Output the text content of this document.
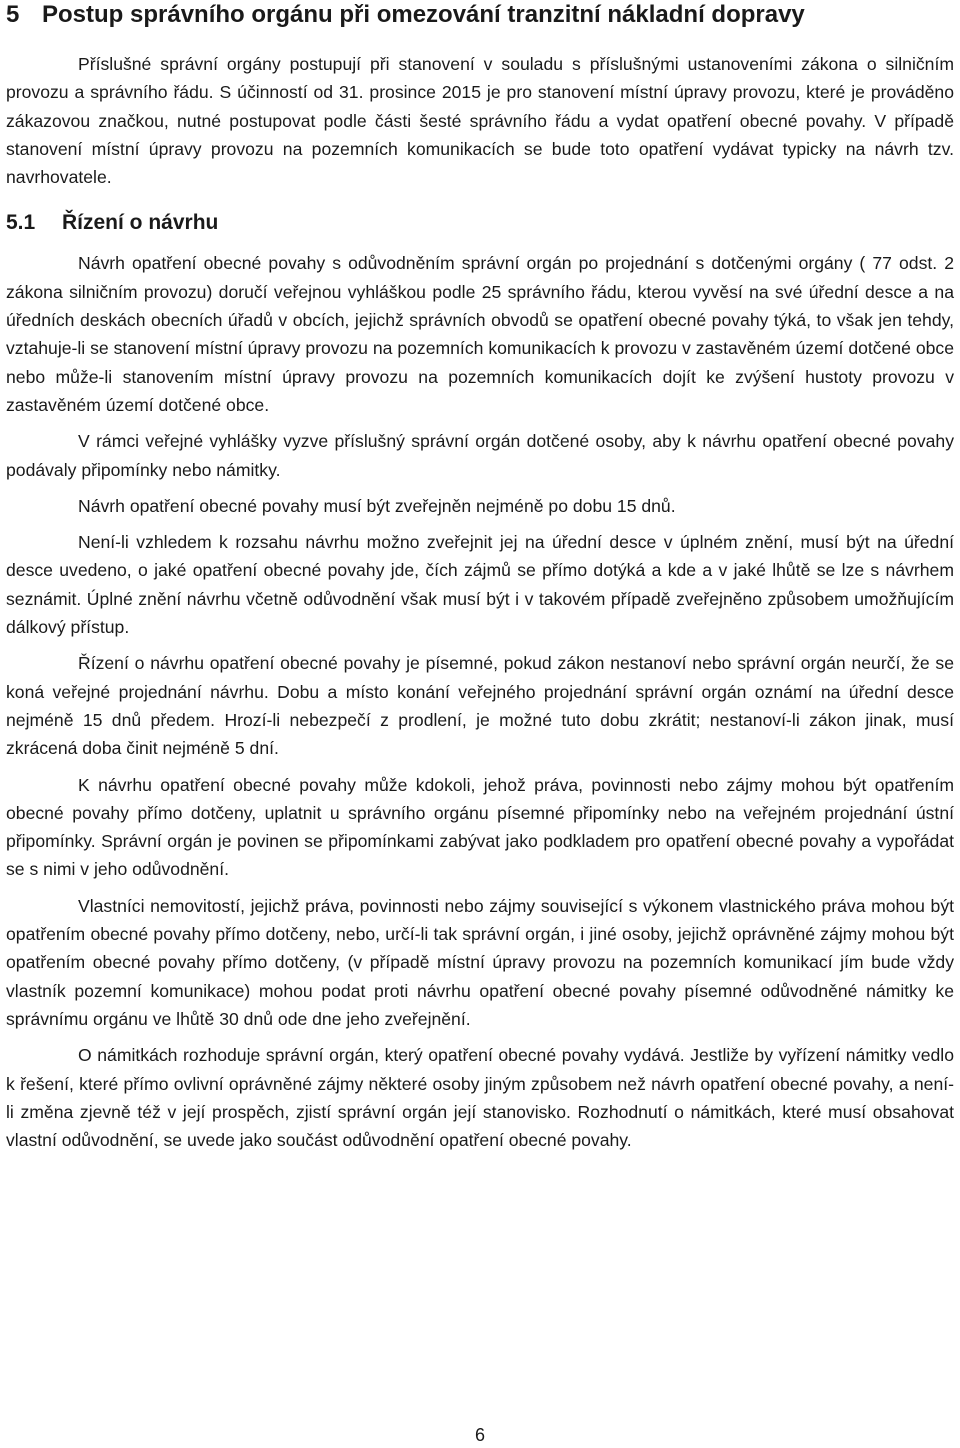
5 Postup správního orgánu při omezování tranzitní nákladní dopravy

Příslušné správní orgány postupují při stanovení v souladu s příslušnými ustanoveními zákona o silničním provozu a správního řádu. S účinností od 31. prosince 2015 je pro stanovení místní úpravy provozu, které je prováděno zákazovou značkou, nutné postupovat podle části šesté správního řádu a vydat opatření obecné povahy. V případě stanovení místní úpravy provozu na pozemních komunikacích se bude toto opatření vydávat typicky na návrh tzv. navrhovatele.

5.1 Řízení o návrhu

Návrh opatření obecné povahy s odůvodněním správní orgán po projednání s dotčenými orgány ( 77 odst. 2 zákona silničním provozu) doručí veřejnou vyhláškou podle 25 správního řádu, kterou vyvěsí na své úřední desce a na úředních deskách obecních úřadů v obcích, jejichž správních obvodů se opatření obecné povahy týká, to však jen tehdy, vztahuje-li se stanovení místní úpravy provozu na pozemních komunikacích k provozu v zastavěném území dotčené obce nebo může-li stanovením místní úpravy provozu na pozemních komunikacích dojít ke zvýšení hustoty provozu v zastavěném území dotčené obce.

V rámci veřejné vyhlášky vyzve příslušný správní orgán dotčené osoby, aby k návrhu opatření obecné povahy podávaly připomínky nebo námitky.

Návrh opatření obecné povahy musí být zveřejněn nejméně po dobu 15 dnů.

Není-li vzhledem k rozsahu návrhu možno zveřejnit jej na úřední desce v úplném znění, musí být na úřední desce uvedeno, o jaké opatření obecné povahy jde, čích zájmů se přímo dotýká a kde a v jaké lhůtě se lze s návrhem seznámit. Úplné znění návrhu včetně odůvodnění však musí být i v takovém případě zveřejněno způsobem umožňujícím dálkový přístup.

Řízení o návrhu opatření obecné povahy je písemné, pokud zákon nestanoví nebo správní orgán neurčí, že se koná veřejné projednání návrhu. Dobu a místo konání veřejného projednání správní orgán oznámí na úřední desce nejméně 15 dnů předem. Hrozí-li nebezpečí z prodlení, je možné tuto dobu zkrátit; nestanoví-li zákon jinak, musí zkrácená doba činit nejméně 5 dní.

K návrhu opatření obecné povahy může kdokoli, jehož práva, povinnosti nebo zájmy mohou být opatřením obecné povahy přímo dotčeny, uplatnit u správního orgánu písemné připomínky nebo na veřejném projednání ústní připomínky. Správní orgán je povinen se připomínkami zabývat jako podkladem pro opatření obecné povahy a vypořádat se s nimi v jeho odůvodnění.

Vlastníci nemovitostí, jejichž práva, povinnosti nebo zájmy související s výkonem vlastnického práva mohou být opatřením obecné povahy přímo dotčeny, nebo, určí-li tak správní orgán, i jiné osoby, jejichž oprávněné zájmy mohou být opatřením obecné povahy přímo dotčeny, (v případě místní úpravy provozu na pozemních komunikací jím bude vždy vlastník pozemní komunikace) mohou podat proti návrhu opatření obecné povahy písemné odůvodněné námitky ke správnímu orgánu ve lhůtě 30 dnů ode dne jeho zveřejnění.

O námitkách rozhoduje správní orgán, který opatření obecné povahy vydává. Jestliže by vyřízení námitky vedlo k řešení, které přímo ovlivní oprávněné zájmy některé osoby jiným způsobem než návrh opatření obecné povahy, a není-li změna zjevně též v její prospěch, zjistí správní orgán její stanovisko. Rozhodnutí o námitkách, které musí obsahovat vlastní odůvodnění, se uvede jako součást odůvodnění opatření obecné povahy.

6
